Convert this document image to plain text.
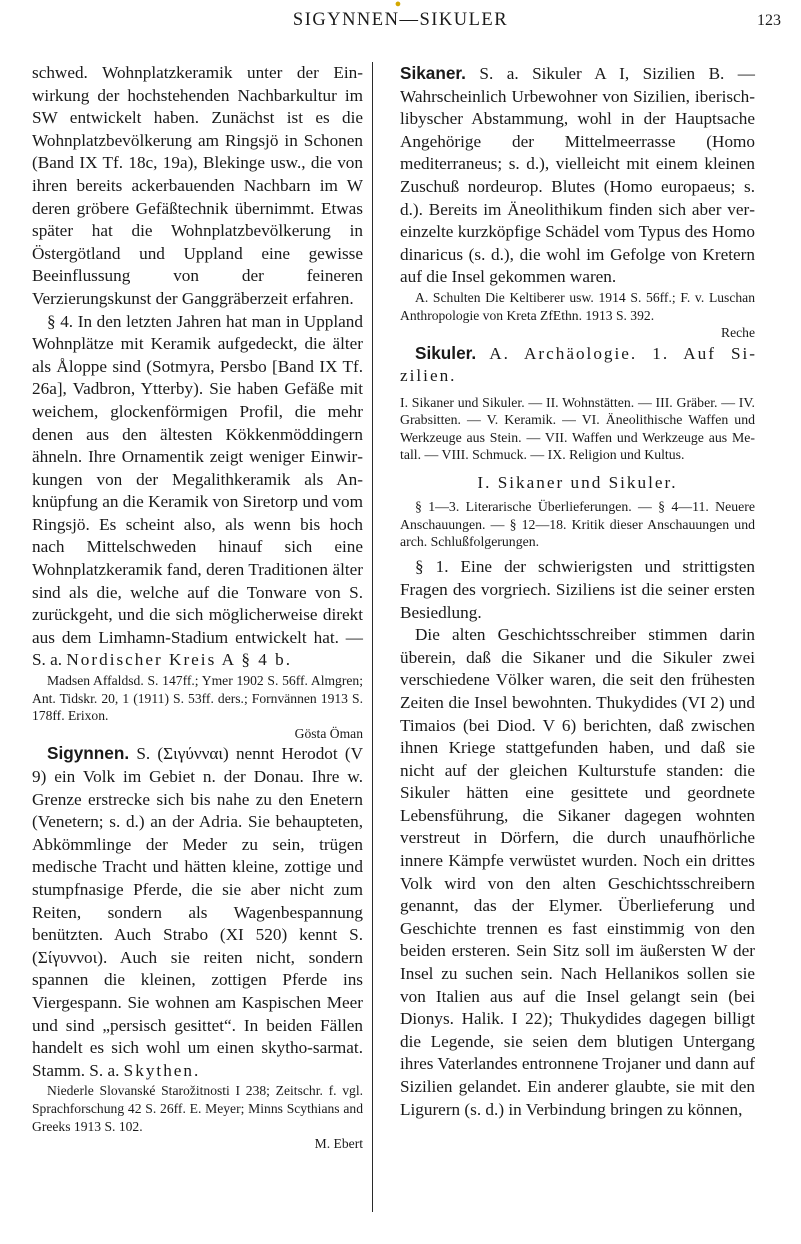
●
SIGYNNEN—SIKULER	123

schwed. Wohnplatzkeramik unter der Einwirkung der hochstehenden Nachbarkultur im SW entwickelt haben. Zunächst ist es die Wohnplatzbevölkerung am Ringsjö in Schonen (Band IX Tf. 18c, 19a), Blekinge usw., die von ihren bereits ackerbauenden Nachbarn im W deren gröbere Gefäßtechnik übernimmt. Etwas später hat die Wohnplatzbevölkerung in Östergötland und Uppland eine gewisse Beeinflussung von der feineren Verzierungskunst der Ganggräberzeit erfahren.

§ 4. In den letzten Jahren hat man in Uppland Wohnplätze mit Keramik aufgedeckt, die älter als Åloppe sind (Sotmyra, Persbo [Band IX Tf. 26a], Vadbron, Ytterby). Sie haben Gefäße mit weichem, glockenförmigen Profil, die mehr denen aus den ältesten Kökkenmöddingern ähneln. Ihre Ornamentik zeigt weniger Einwirkungen von der Megalithkeramik als Anknüpfung an die Keramik von Siretorp und vom Ringsjö. Es scheint also, als wenn bis hoch nach Mittelschweden hinauf sich eine Wohnplatzkeramik fand, deren Traditionen älter sind als die, welche auf die Tonware von S. zurückgeht, und die sich möglicherweise direkt aus dem Limhamn-Stadium entwickelt hat. — S. a. Nordischer Kreis A § 4 b.

Madsen Affaldsd. S. 147ff.; Ymer 1902 S. 56ff. Almgren; Ant. Tidskr. 20, 1 (1911) S. 53ff. ders.; Fornvännen 1913 S. 178ff. Erixon.

Gösta Öman

Sigynnen. S. (Σιγύνναι) nennt Herodot (V 9) ein Volk im Gebiet n. der Donau. Ihre w. Grenze erstrecke sich bis nahe zu den Enetern (Venetern; s. d.) an der Adria. Sie behaupteten, Abkömmlinge der Meder zu sein, trügen medische Tracht und hätten kleine, zottige und stumpfnasige Pferde, die sie aber nicht zum Reiten, sondern als Wagenbespannung benützten. Auch Strabo (XI 520) kennt S. (Σίγυννοι). Auch sie reiten nicht, sondern spannen die kleinen, zottigen Pferde ins Viergespann. Sie wohnen am Kaspischen Meer und sind „persisch gesittet“. In beiden Fällen handelt es sich wohl um einen skytho-sarmat. Stamm. S. a. Skythen.

Niederle Slovanské Starožitnosti I 238; Zeitschr. f. vgl. Sprachforschung 42 S. 26ff. E. Meyer; Minns Scythians and Greeks 1913 S. 102.

M. Ebert

Sikaner. S. a. Sikuler A I, Sizilien B. — Wahrscheinlich Urbewohner von Sizilien, iberisch-libyscher Abstammung, wohl in der Hauptsache Angehörige der Mittelmeerrasse (Homo mediterraneus; s. d.), vielleicht mit einem kleinen Zuschuß nordeurop. Blutes (Homo europaeus; s. d.). Bereits im Äneolithikum finden sich aber vereinzelte kurzköpfige Schädel vom Typus des Homo dinaricus (s. d.), die wohl im Gefolge von Kretern auf die Insel gekommen waren.

A. Schulten Die Keltiberer usw. 1914 S. 56ff.; F. v. Luschan Anthropologie von Kreta ZfEthn. 1913 S. 392.

Reche

Sikuler. A. Archäologie. 1. Auf Sizilien.

I. Sikaner und Sikuler. — II. Wohnstätten. — III. Gräber. — IV. Grabsitten. — V. Keramik. — VI. Äneolithische Waffen und Werkzeuge aus Stein. — VII. Waffen und Werkzeuge aus Metall. — VIII. Schmuck. — IX. Religion und Kultus.

I. Sikaner und Sikuler.

§ 1—3. Literarische Überlieferungen. — § 4—11. Neuere Anschauungen. — § 12—18. Kritik dieser Anschauungen und arch. Schlußfolgerungen.

§ 1. Eine der schwierigsten und strittigsten Fragen des vorgriech. Siziliens ist die seiner ersten Besiedlung.

Die alten Geschichtsschreiber stimmen darin überein, daß die Sikaner und die Sikuler zwei verschiedene Völker waren, die seit den frühesten Zeiten die Insel bewohnten. Thukydides (VI 2) und Timaios (bei Diod. V 6) berichten, daß zwischen ihnen Kriege stattgefunden haben, und daß sie nicht auf der gleichen Kulturstufe standen: die Sikuler hätten eine gesittete und geordnete Lebensführung, die Sikaner dagegen wohnten verstreut in Dörfern, die durch unaufhörliche innere Kämpfe verwüstet wurden. Noch ein drittes Volk wird von den alten Geschichtsschreibern genannt, das der Elymer. Überlieferung und Geschichte trennen es fast einstimmig von den beiden ersteren. Sein Sitz soll im äußersten W der Insel zu suchen sein. Nach Hellanikos sollen sie von Italien aus auf die Insel gelangt sein (bei Dionys. Halik. I 22); Thukydides dagegen billigt die Legende, sie seien dem blutigen Untergang ihres Vaterlandes entronnene Trojaner und dann auf Sizilien gelandet. Ein anderer glaubte, sie mit den Ligurern (s. d.) in Verbindung bringen zu können,
